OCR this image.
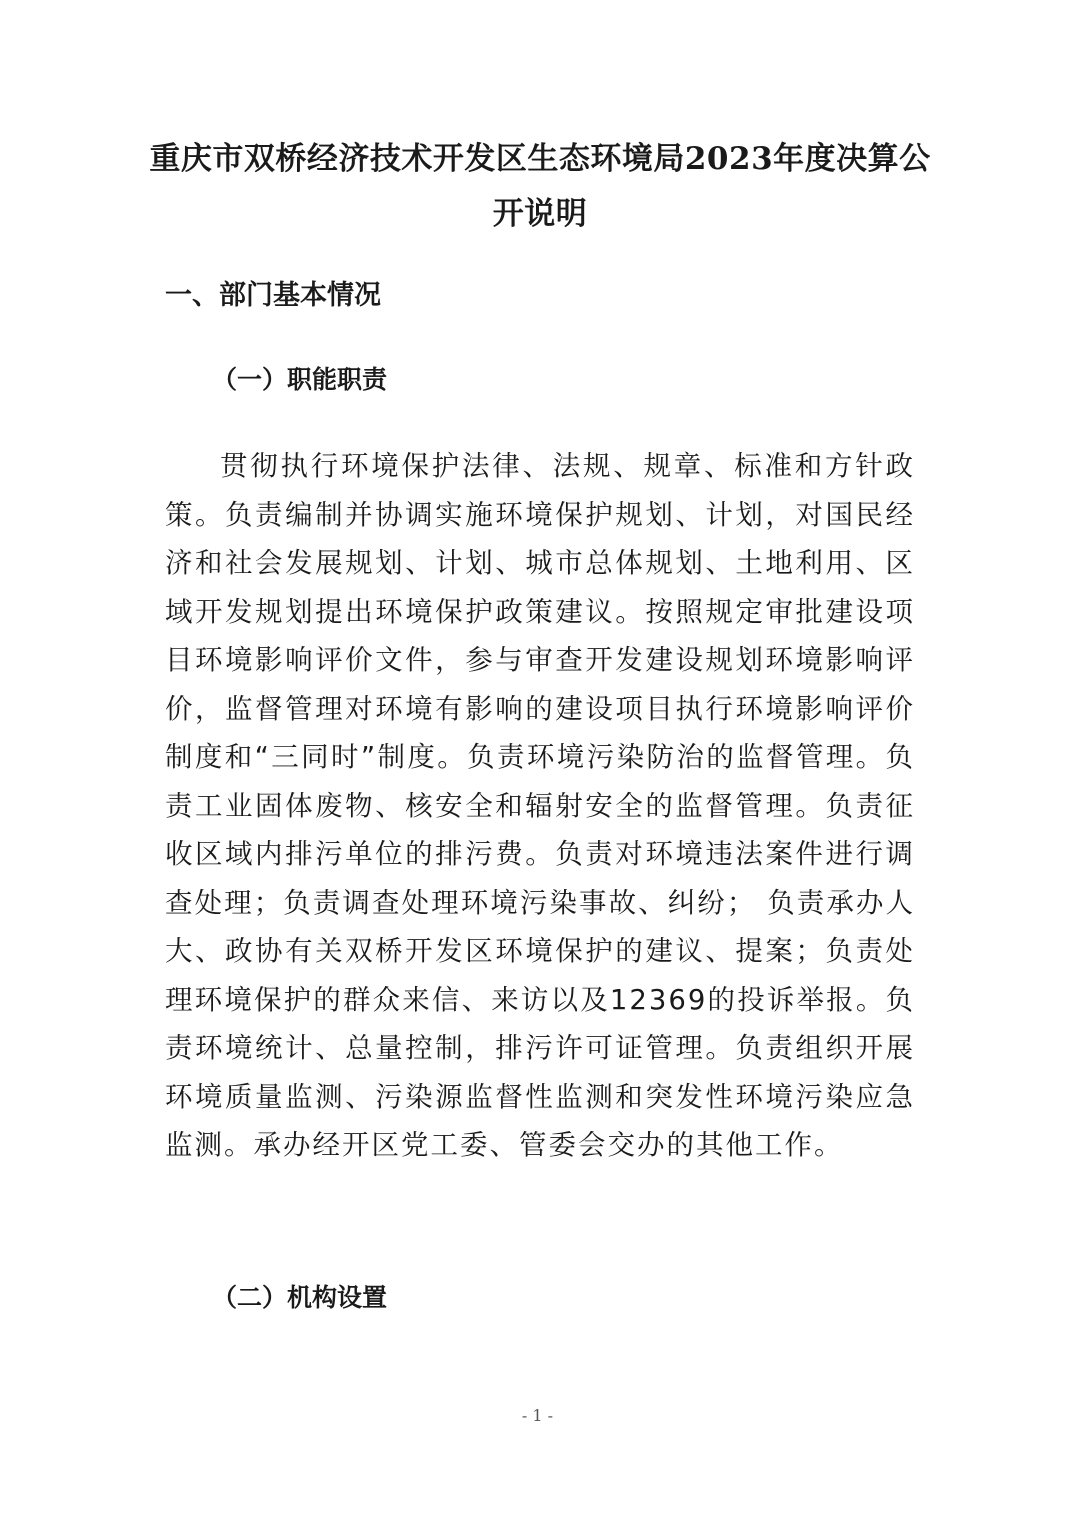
重庆市双桥经济技术开发区生态环境局2023年度决算公开说明
一、部门基本情况
（一）职能职责
贯彻执行环境保护法律、法规、规章、标准和方针政策。负责编制并协调实施环境保护规划、计划，对国民经济和社会发展规划、计划、城市总体规划、土地利用、区域开发规划提出环境保护政策建议。按照规定审批建设项目环境影响评价文件，参与审查开发建设规划环境影响评价，监督管理对环境有影响的建设项目执行环境影响评价制度和“三同时”制度。负责环境污染防治的监督管理。负责工业固体废物、核安全和辐射安全的监督管理。负责征收区域内排污单位的排污费。负责对环境违法案件进行调查处理；负责调查处理环境污染事故、纠纷； 负责承办人大、政协有关双桥开发区环境保护的建议、提案；负责处理环境保护的群众来信、来访以及12369的投诉举报。负责环境统计、总量控制，排污许可证管理。负责组织开展环境质量监测、污染源监督性监测和突发性环境污染应急监测。承办经开区党工委、管委会交办的其他工作。
（二）机构设置
- 1 -
